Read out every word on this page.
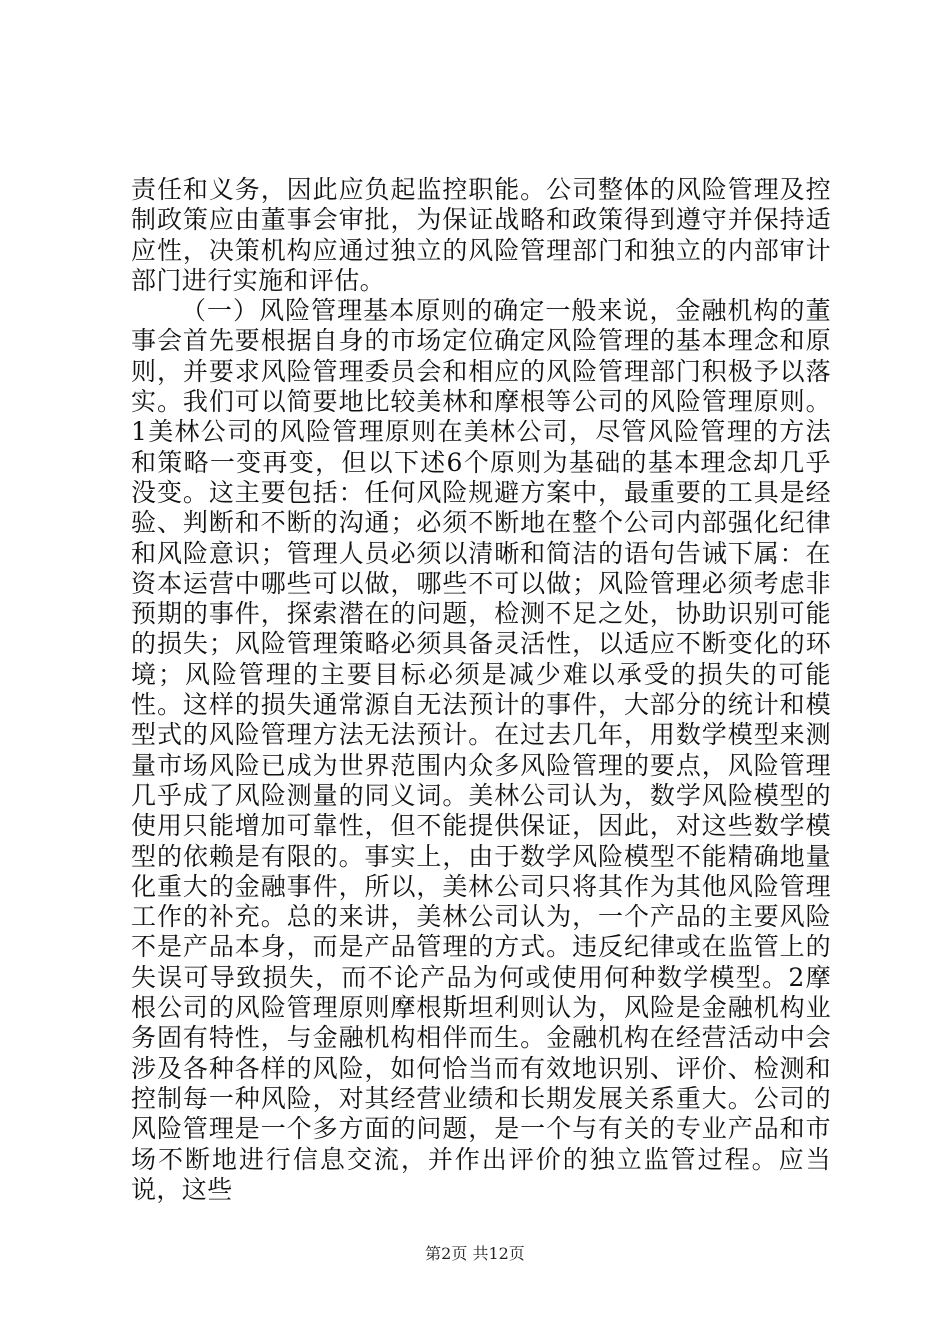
责任和义务，因此应负起监控职能。公司整体的风险管理及控制政策应由董事会审批，为保证战略和政策得到遵守并保持适应性，决策机构应通过独立的风险管理部门和独立的内部审计部门进行实施和评估。

（一）风险管理基本原则的确定一般来说，金融机构的董事会首先要根据自身的市场定位确定风险管理的基本理念和原则，并要求风险管理委员会和相应的风险管理部门积极予以落实。我们可以简要地比较美林和摩根等公司的风险管理原则。1美林公司的风险管理原则在美林公司，尽管风险管理的方法和策略一变再变，但以下述6个原则为基础的基本理念却几乎没变。这主要包括：任何风险规避方案中，最重要的工具是经验、判断和不断的沟通；必须不断地在整个公司内部强化纪律和风险意识；管理人员必须以清晰和简洁的语句告诫下属：在资本运营中哪些可以做，哪些不可以做；风险管理必须考虑非预期的事件，探索潜在的问题，检测不足之处，协助识别可能的损失；风险管理策略必须具备灵活性，以适应不断变化的环境；风险管理的主要目标必须是减少难以承受的损失的可能性。这样的损失通常源自无法预计的事件，大部分的统计和模型式的风险管理方法无法预计。在过去几年，用数学模型来测量市场风险已成为世界范围内众多风险管理的要点，风险管理几乎成了风险测量的同义词。美林公司认为，数学风险模型的使用只能增加可靠性，但不能提供保证，因此，对这些数学模型的依赖是有限的。事实上，由于数学风险模型不能精确地量化重大的金融事件，所以，美林公司只将其作为其他风险管理工作的补充。总的来讲，美林公司认为，一个产品的主要风险不是产品本身，而是产品管理的方式。违反纪律或在监管上的失误可导致损失，而不论产品为何或使用何种数学模型。2摩根公司的风险管理原则摩根斯坦利则认为，风险是金融机构业务固有特性，与金融机构相伴而生。金融机构在经营活动中会涉及各种各样的风险，如何恰当而有效地识别、评价、检测和控制每一种风险，对其经营业绩和长期发展关系重大。公司的风险管理是一个多方面的问题，是一个与有关的专业产品和市场不断地进行信息交流，并作出评价的独立监管过程。应当说，这些

第2页 共12页
